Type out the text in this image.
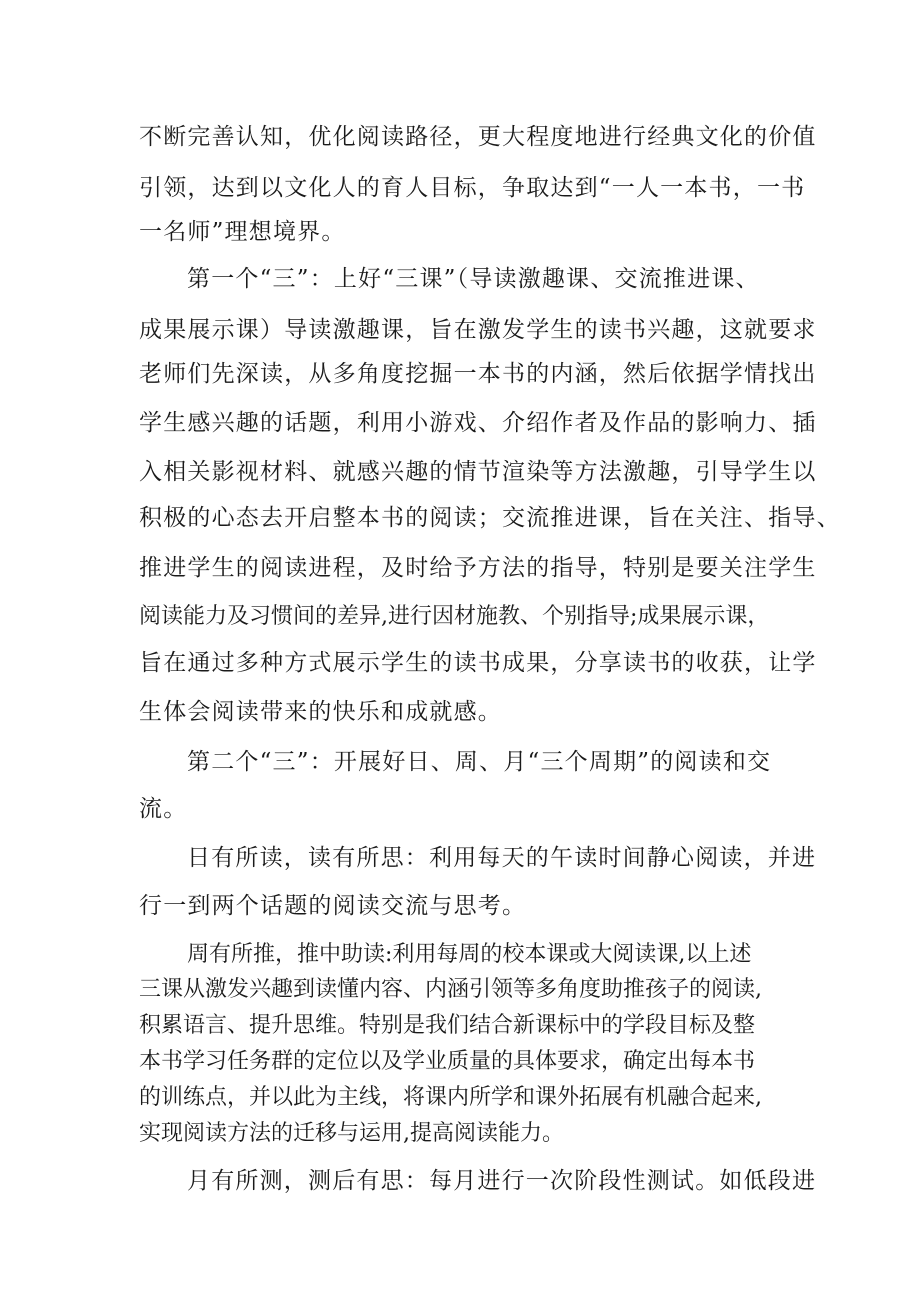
不断完善认知，优化阅读路径，更大程度地进行经典文化的价值

引领，达到以文化人的育人目标，争取达到“一人一本书，一书

一名师”理想境界。

第一个“三”：上好“三课”（导读激趣课、交流推进课、

成果展示课）导读激趣课，旨在激发学生的读书兴趣，这就要求

老师们先深读，从多角度挖掘一本书的内涵，然后依据学情找出

学生感兴趣的话题，利用小游戏、介绍作者及作品的影响力、插

入相关影视材料、就感兴趣的情节渲染等方法激趣，引导学生以

积极的心态去开启整本书的阅读；交流推进课，旨在关注、指导、

推进学生的阅读进程，及时给予方法的指导，特别是要关注学生

阅读能力及习惯间的差异,进行因材施教、个别指导;成果展示课，

旨在通过多种方式展示学生的读书成果，分享读书的收获，让学

生体会阅读带来的快乐和成就感。

第二个“三”：开展好日、周、月“三个周期”的阅读和交

流。

日有所读，读有所思：利用每天的午读时间静心阅读，并进

行一到两个话题的阅读交流与思考。

周有所推，推中助读:利用每周的校本课或大阅读课,以上述

三课从激发兴趣到读懂内容、内涵引领等多角度助推孩子的阅读,

积累语言、提升思维。特别是我们结合新课标中的学段目标及整

本书学习任务群的定位以及学业质量的具体要求，确定出每本书

的训练点，并以此为主线，将课内所学和课外拓展有机融合起来,

实现阅读方法的迁移与运用,提高阅读能力。

月有所测，测后有思：每月进行一次阶段性测试。如低段进
